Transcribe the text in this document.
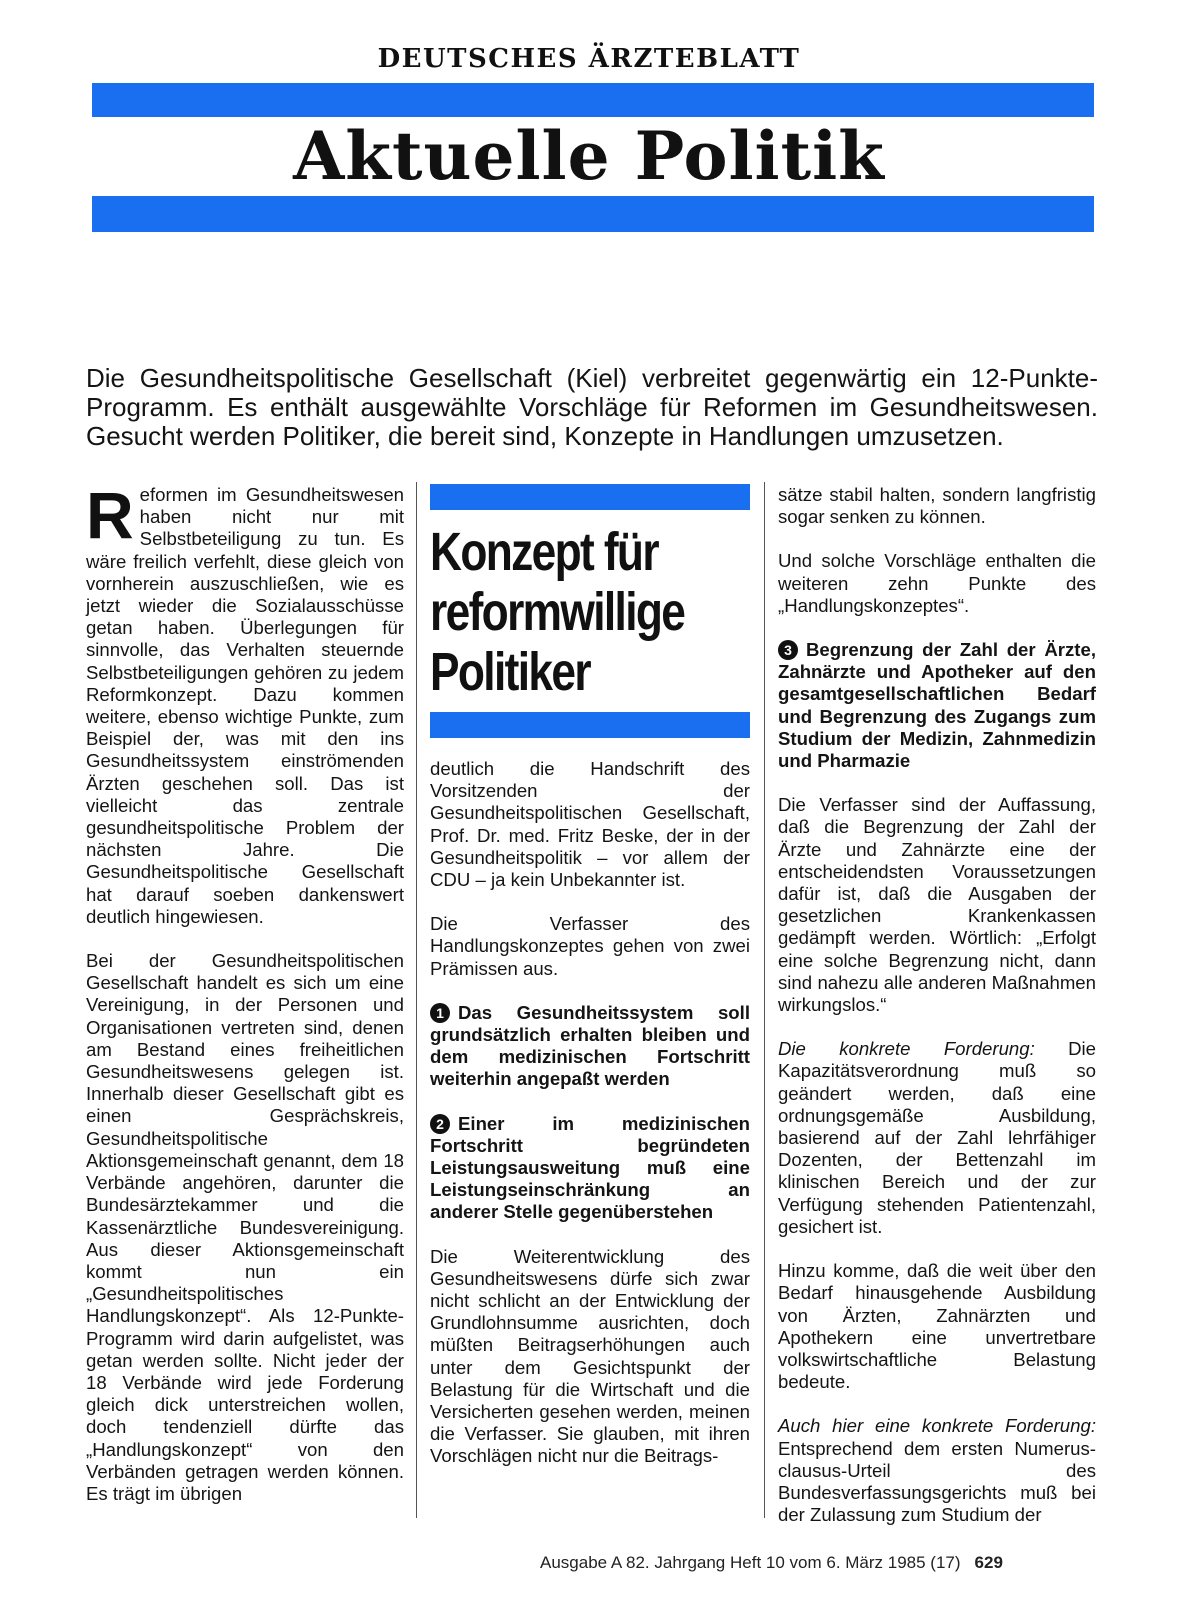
DEUTSCHES ÄRZTEBLATT
Aktuelle Politik
Die Gesundheitspolitische Gesellschaft (Kiel) verbreitet gegenwärtig ein 12-Punkte-Programm. Es enthält ausgewählte Vorschläge für Reformen im Gesundheitswesen. Gesucht werden Politiker, die bereit sind, Konzepte in Handlungen umzusetzen.

Reformen im Gesundheitswesen haben nicht nur mit Selbstbeteiligung zu tun. Es wäre freilich verfehlt, diese gleich von vornherein auszuschließen, wie es jetzt wieder die Sozialausschüsse getan haben. Überlegungen für sinnvolle, das Verhalten steuernde Selbstbeteiligungen gehören zu jedem Reformkonzept. Dazu kommen weitere, ebenso wichtige Punkte, zum Beispiel der, was mit den ins Gesundheitssystem einströmenden Ärzten geschehen soll. Das ist vielleicht das zentrale gesundheitspolitische Problem der nächsten Jahre. Die Gesundheitspolitische Gesellschaft hat darauf soeben dankenswert deutlich hingewiesen.

Bei der Gesundheitspolitischen Gesellschaft handelt es sich um eine Vereinigung, in der Personen und Organisationen vertreten sind, denen am Bestand eines freiheitlichen Gesundheitswesens gelegen ist. Innerhalb dieser Gesellschaft gibt es einen Gesprächskreis, Gesundheitspolitische Aktionsgemeinschaft genannt, dem 18 Verbände angehören, darunter die Bundesärztekammer und die Kassenärztliche Bundesvereinigung. Aus dieser Aktionsgemeinschaft kommt nun ein „Gesundheitspolitisches Handlungskonzept“. Als 12-Punkte-Programm wird darin aufgelistet, was getan werden sollte. Nicht jeder der 18 Verbände wird jede Forderung gleich dick unterstreichen wollen, doch tendenziell dürfte das „Handlungskonzept“ von den Verbänden getragen werden können. Es trägt im übrigen

Konzept für
reformwillige
Politiker

deutlich die Handschrift des Vorsitzenden der Gesundheitspolitischen Gesellschaft, Prof. Dr. med. Fritz Beske, der in der Gesundheitspolitik – vor allem der CDU – ja kein Unbekannter ist.

Die Verfasser des Handlungskonzeptes gehen von zwei Prämissen aus.

1 Das Gesundheitssystem soll grundsätzlich erhalten bleiben und dem medizinischen Fortschritt weiterhin angepaßt werden

2 Einer im medizinischen Fortschritt begründeten Leistungsausweitung muß eine Leistungseinschränkung an anderer Stelle gegenüberstehen

Die Weiterentwicklung des Gesundheitswesens dürfe sich zwar nicht schlicht an der Entwicklung der Grundlohnsumme ausrichten, doch müßten Beitragserhöhungen auch unter dem Gesichtspunkt der Belastung für die Wirtschaft und die Versicherten gesehen werden, meinen die Verfasser. Sie glauben, mit ihren Vorschlägen nicht nur die Beitrags-

sätze stabil halten, sondern langfristig sogar senken zu können.

Und solche Vorschläge enthalten die weiteren zehn Punkte des „Handlungskonzeptes“.

3 Begrenzung der Zahl der Ärzte, Zahnärzte und Apotheker auf den gesamtgesellschaftlichen Bedarf und Begrenzung des Zugangs zum Studium der Medizin, Zahnmedizin und Pharmazie

Die Verfasser sind der Auffassung, daß die Begrenzung der Zahl der Ärzte und Zahnärzte eine der entscheidendsten Voraussetzungen dafür ist, daß die Ausgaben der gesetzlichen Krankenkassen gedämpft werden. Wörtlich: „Erfolgt eine solche Begrenzung nicht, dann sind nahezu alle anderen Maßnahmen wirkungslos.“

Die konkrete Forderung: Die Kapazitätsverordnung muß so geändert werden, daß eine ordnungsgemäße Ausbildung, basierend auf der Zahl lehrfähiger Dozenten, der Bettenzahl im klinischen Bereich und der zur Verfügung stehenden Patientenzahl, gesichert ist.

Hinzu komme, daß die weit über den Bedarf hinausgehende Ausbildung von Ärzten, Zahnärzten und Apothekern eine unvertretbare volkswirtschaftliche Belastung bedeute.

Auch hier eine konkrete Forderung: Entsprechend dem ersten Numerus-clausus-Urteil des Bundesverfassungsgerichts muß bei der Zulassung zum Studium der

Ausgabe A 82. Jahrgang Heft 10 vom 6. März 1985 (17) 629
